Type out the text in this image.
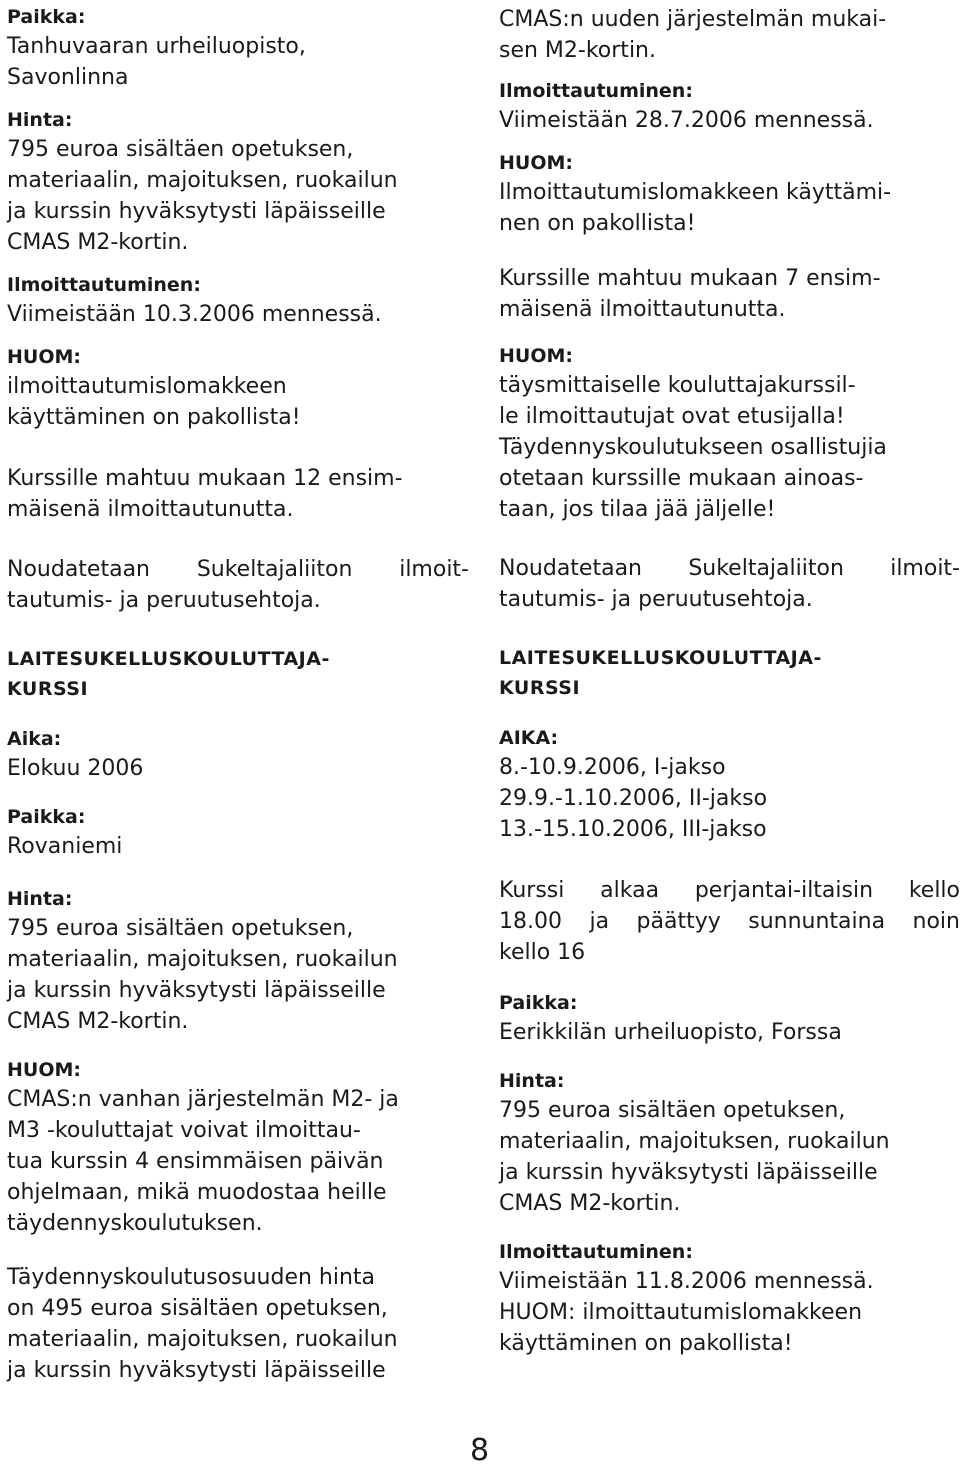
Paikka:
Tanhuvaaran urheiluopisto,
Savonlinna
Hinta:
795 euroa sisältäen opetuksen,
materiaalin, majoituksen, ruokailun
ja kurssin hyväksytysti läpäisseille
CMAS M2-kortin.
Ilmoittautuminen:
Viimeistään 10.3.2006 mennessä.
HUOM:
ilmoittautumislomakkeen
käyttäminen on pakollista!
Kurssille mahtuu mukaan 12 ensim-
mäisenä ilmoittautunutta.
Noudatetaan Sukeltajaliiton ilmoit-
tautumis- ja peruutusehtoja.
LAITESUKELLUSKOULUTTAJA-
KURSSI
Aika:
Elokuu 2006
Paikka:
Rovaniemi
Hinta:
795 euroa sisältäen opetuksen,
materiaalin, majoituksen, ruokailun
ja kurssin hyväksytysti läpäisseille
CMAS M2-kortin.
HUOM:
CMAS:n vanhan järjestelmän M2- ja
M3 -kouluttajat voivat ilmoittau-
tua kurssin 4 ensimmäisen päivän
ohjelmaan, mikä muodostaa heille
täydennyskoulutuksen.
Täydennyskoulutusosuuden hinta
on 495 euroa sisältäen opetuksen,
materiaalin, majoituksen, ruokailun
ja kurssin hyväksytysti läpäisseille
CMAS:n uuden järjestelmän mukai-
sen M2-kortin.
Ilmoittautuminen:
Viimeistään 28.7.2006 mennessä.
HUOM:
Ilmoittautumislomakkeen käyttämi-
nen on pakollista!
Kurssille mahtuu mukaan 7 ensim-
mäisenä ilmoittautunutta.
HUOM:
täysmittaiselle kouluttajakurssil-
le ilmoittautujat ovat etusijalla!
Täydennyskoulutukseen osallistujia
otetaan kurssille mukaan ainoas-
taan, jos tilaa jää jäljelle!
Noudatetaan Sukeltajaliiton ilmoit-
tautumis- ja peruutusehtoja.
LAITESUKELLUSKOULUTTAJA-
KURSSI
AIKA:
8.-10.9.2006, I-jakso
29.9.-1.10.2006, II-jakso
13.-15.10.2006, III-jakso
Kurssi alkaa perjantai-iltaisin kello
18.00 ja päättyy sunnuntaina noin
kello 16
Paikka:
Eerikkilän urheiluopisto, Forssa
Hinta:
795 euroa sisältäen opetuksen,
materiaalin, majoituksen, ruokailun
ja kurssin hyväksytysti läpäisseille
CMAS M2-kortin.
Ilmoittautuminen:
Viimeistään 11.8.2006 mennessä.
HUOM: ilmoittautumislomakkeen
käyttäminen on pakollista!
8
